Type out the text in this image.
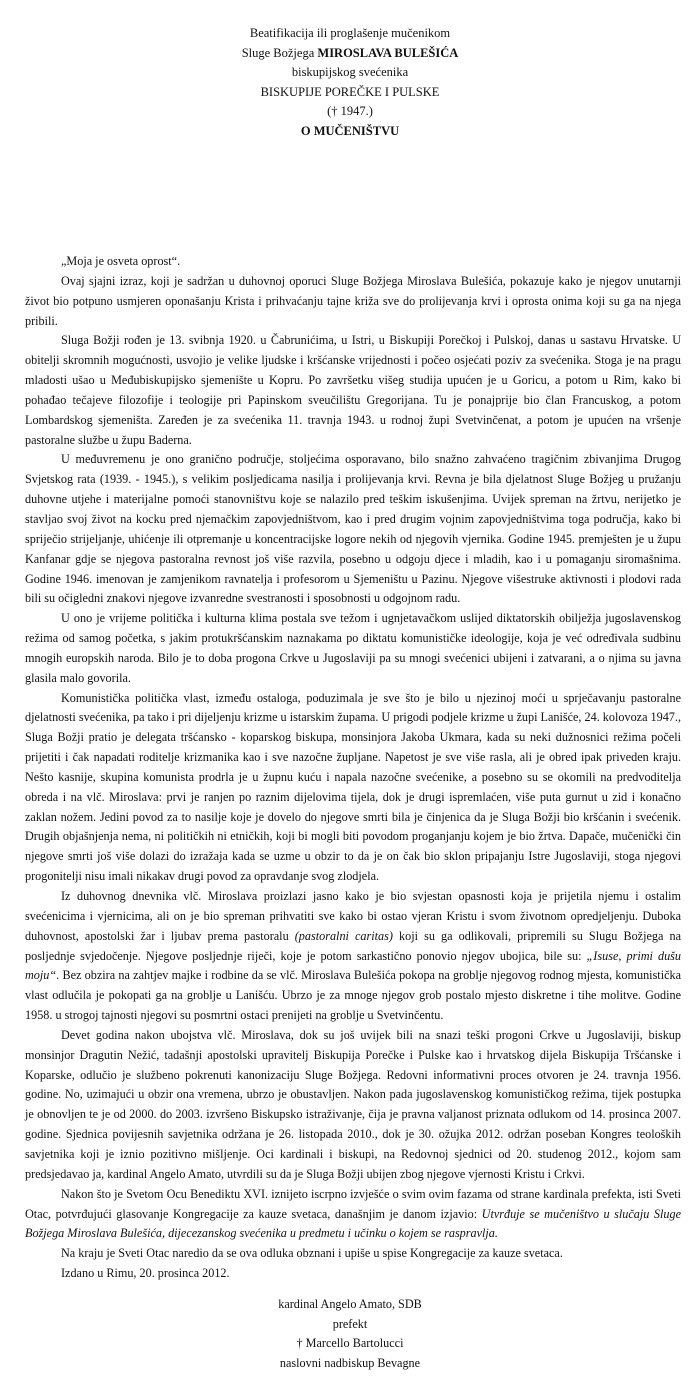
Beatifikacija ili proglašenje mučenikom
Sluge Božjega MIROSLAVA BULEŠIĆA
biskupijskog svećenika
BISKUPIJE POREČKE I PULSKE
(† 1947.)
O MUČENIŠTVU

„Moja je osveta oprost“.

Ovaj sjajni izraz, koji je sadržan u duhovnoj oporuci Sluge Božjega Miroslava Bulešića, pokazuje kako je njegov unutarnji život bio potpuno usmjeren oponašanju Krista i prihvaćanju tajne križa sve do prolijevanja krvi i oprosta onima koji su ga na njega pribili.

Sluga Božji rođen je 13. svibnja 1920. u Čabrunićima, u Istri, u Biskupiji Porečkoj i Pulskoj, danas u sastavu Hrvatske. U obitelji skromnih mogućnosti, usvojio je velike ljudske i kršćanske vrijednosti i počeo osjećati poziv za svećenika. Stoga je na pragu mladosti ušao u Međubiskupijsko sjemenište u Kopru. Po završetku višeg studija upućen je u Goricu, a potom u Rim, kako bi pohađao tečajeve filozofije i teologije pri Papinskom sveučilištu Gregorijana. Tu je ponajprije bio član Francuskog, a potom Lombardskog sjemeništa. Zaređen je za svećenika 11. travnja 1943. u rodnoj župi Svetvinčenat, a potom je upućen na vršenje pastoralne službe u župu Baderna.

U međuvremenu je ono granično područje, stoljećima osporavano, bilo snažno zahvaćeno tragičnim zbivanjima Drugog Svjetskog rata (1939. - 1945.), s velikim posljedicama nasilja i prolijevanja krvi. Revna je bila djelatnost Sluge Božjeg u pružanju duhovne utjehe i materijalne pomoći stanovništvu koje se nalazilo pred teškim iskušenjima. Uvijek spreman na žrtvu, nerijetko je stavljao svoj život na kocku pred njemačkim zapovjedništvom, kao i pred drugim vojnim zapovjedništvima toga područja, kako bi spriječio strijeljanje, uhićenje ili otpremanje u koncentracijske logore nekih od njegovih vjernika. Godine 1945. premješten je u župu Kanfanar gdje se njegova pastoralna revnost još više razvila, posebno u odgoju djece i mladih, kao i u pomaganju siromašnima. Godine 1946. imenovan je zamjenikom ravnatelja i profesorom u Sjemeništu u Pazinu. Njegove višestruke aktivnosti i plodovi rada bili su očigledni znakovi njegove izvanredne svestranosti i sposobnosti u odgojnom radu.

U ono je vrijeme politička i kulturna klima postala sve težom i ugnjetavačkom uslijed diktatorskih obilježja jugoslavenskog režima od samog početka, s jakim protukršćanskim naznakama po diktatu komunističke ideologije, koja je već određivala sudbinu mnogih europskih naroda. Bilo je to doba progona Crkve u Jugoslaviji pa su mnogi svećenici ubijeni i zatvarani, a o njima su javna glasila malo govorila.

Komunistička politička vlast, između ostaloga, poduzimala je sve što je bilo u njezinoj moći u sprječavanju pastoralne djelatnosti svećenika, pa tako i pri dijeljenju krizme u istarskim župama. U prigodi podjele krizme u župi Lanišće, 24. kolovoza 1947., Sluga Božji pratio je delegata tršćansko - koparskog biskupa, monsinjora Jakoba Ukmara, kada su neki dužnosnici režima počeli prijetiti i čak napadati roditelje krizmanika kao i sve nazočne župljane. Napetost je sve više rasla, ali je obred ipak priveden kraju. Nešto kasnije, skupina komunista prodrla je u župnu kuću i napala nazočne svećenike, a posebno su se okomili na predvoditelja obreda i na vlč. Miroslava: prvi je ranjen po raznim dijelovima tijela, dok je drugi ispremlaćen, više puta gurnut u zid i konačno zaklan nožem. Jedini povod za to nasilje koje je dovelo do njegove smrti bila je činjenica da je Sluga Božji bio kršćanin i svećenik. Drugih objašnjenja nema, ni političkih ni etničkih, koji bi mogli biti povodom proganjanju kojem je bio žrtva. Dapače, mučenički čin njegove smrti još više dolazi do izražaja kada se uzme u obzir to da je on čak bio sklon pripajanju Istre Jugoslaviji, stoga njegovi progonitelji nisu imali nikakav drugi povod za opravdanje svog zlodjela.

Iz duhovnog dnevnika vlč. Miroslava proizlazi jasno kako je bio svjestan opasnosti koja je prijetila njemu i ostalim svećenicima i vjernicima, ali on je bio spreman prihvatiti sve kako bi ostao vjeran Kristu i svom životnom opredjeljenju. Duboka duhovnost, apostolski žar i ljubav prema pastoralu (pastoralni caritas) koji su ga odlikovali, pripremili su Slugu Božjega na posljednje svjedočenje. Njegove posljednje riječi, koje je potom sarkastično ponovio njegov ubojica, bile su: „Isuse, primi dušu moju“. Bez obzira na zahtjev majke i rodbine da se vlč. Miroslava Bulešića pokopa na groblje njegovog rodnog mjesta, komunistička vlast odlučila je pokopati ga na groblje u Lanišću. Ubrzo je za mnoge njegov grob postalo mjesto diskretne i tihe molitve. Godine 1958. u strogoj tajnosti njegovi su posmrtni ostaci prenijeti na groblje u Svetvinčentu.

Devet godina nakon ubojstva vlč. Miroslava, dok su još uvijek bili na snazi teški progoni Crkve u Jugoslaviji, biskup monsinjor Dragutin Nežić, tadašnji apostolski upravitelj Biskupija Porečke i Pulske kao i hrvatskog dijela Biskupija Tršćanske i Koparske, odlučio je službeno pokrenuti kanonizaciju Sluge Božjega. Redovni informativni proces otvoren je 24. travnja 1956. godine. No, uzimajući u obzir ona vremena, ubrzo je obustavljen. Nakon pada jugoslavenskog komunističkog režima, tijek postupka je obnovljen te je od 2000. do 2003. izvršeno Biskupsko istraživanje, čija je pravna valjanost priznata odlukom od 14. prosinca 2007. godine. Sjednica povijesnih savjetnika održana je 26. listopada 2010., dok je 30. ožujka 2012. održan poseban Kongres teoloških savjetnika koji je iznio pozitivno mišljenje. Oci kardinali i biskupi, na Redovnoj sjednici od 20. studenog 2012., kojom sam predsjedavao ja, kardinal Angelo Amato, utvrdili su da je Sluga Božji ubijen zbog njegove vjernosti Kristu i Crkvi.

Nakon što je Svetom Ocu Benediktu XVI. iznijeto iscrpno izvješće o svim ovim fazama od strane kardinala prefekta, isti Sveti Otac, potvrđujući glasovanje Kongregacije za kauze svetaca, današnjim je danom izjavio: Utvrđuje se mučeništvo u slučaju Sluge Božjega Miroslava Bulešića, dijecezanskog svećenika u predmetu i učinku o kojem se raspravlja.

Na kraju je Sveti Otac naredio da se ova odluka obznani i upiše u spise Kongregacije za kauze svetaca.

Izdano u Rimu, 20. prosinca 2012.

kardinal Angelo Amato, SDB
prefekt
† Marcello Bartolucci
naslovni nadbiskup Bevagne
